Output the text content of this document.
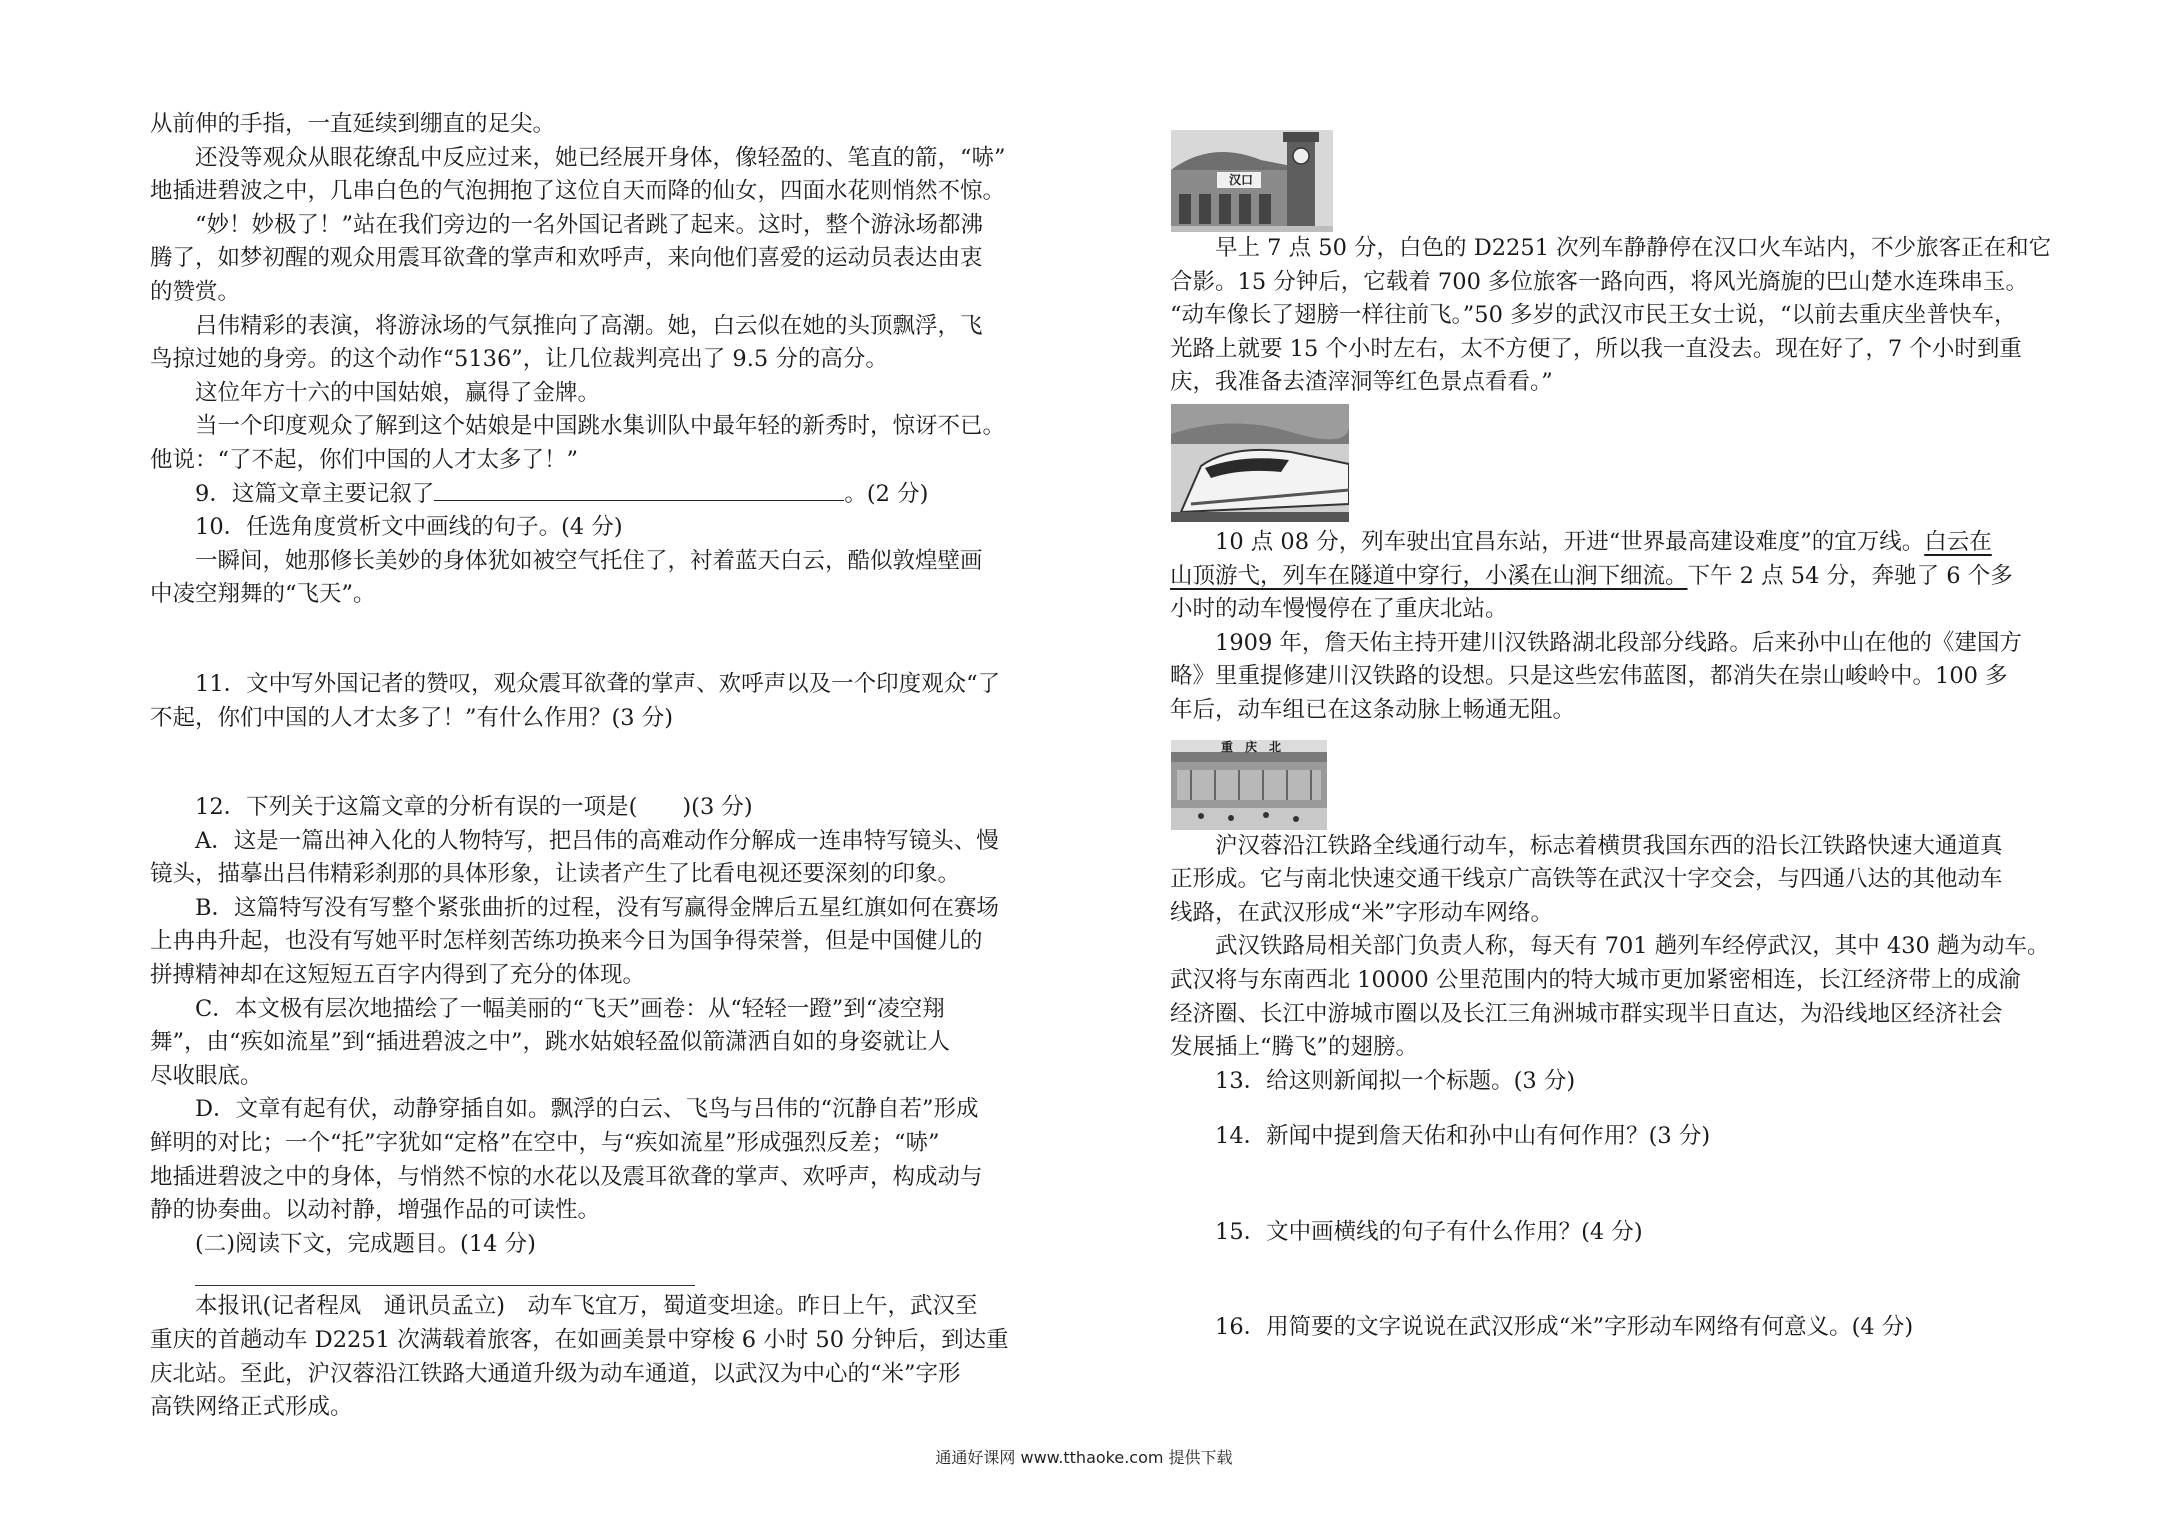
从前伸的手指，一直延续到绷直的足尖。
还没等观众从眼花缭乱中反应过来，她已经展开身体，像轻盈的、笔直的箭，“哧”
地插进碧波之中，几串白色的气泡拥抱了这位自天而降的仙女，四面水花则悄然不惊。
“妙！妙极了！”站在我们旁边的一名外国记者跳了起来。这时，整个游泳场都沸
腾了，如梦初醒的观众用震耳欲聋的掌声和欢呼声，来向他们喜爱的运动员表达由衷
的赞赏。
吕伟精彩的表演，将游泳场的气氛推向了高潮。她，白云似在她的头顶飘浮，飞
鸟掠过她的身旁。的这个动作“5136”，让几位裁判亮出了 9.5 分的高分。
这位年方十六的中国姑娘，赢得了金牌。
当一个印度观众了解到这个姑娘是中国跳水集训队中最年轻的新秀时，惊讶不已。
他说：“了不起，你们中国的人才太多了！”
9．这篇文章主要记叙了	。(2 分)
10．任选角度赏析文中画线的句子。(4 分)
一瞬间，她那修长美妙的身体犹如被空气托住了，衬着蓝天白云，酷似敦煌壁画
中凌空翔舞的“飞天”。
11．文中写外国记者的赞叹，观众震耳欲聋的掌声、欢呼声以及一个印度观众“了
不起，你们中国的人才太多了！”有什么作用？(3 分)
12．下列关于这篇文章的分析有误的一项是(　　)(3 分)
A．这是一篇出神入化的人物特写，把吕伟的高难动作分解成一连串特写镜头、慢
镜头，描摹出吕伟精彩刹那的具体形象，让读者产生了比看电视还要深刻的印象。
B．这篇特写没有写整个紧张曲折的过程，没有写赢得金牌后五星红旗如何在赛场
上冉冉升起，也没有写她平时怎样刻苦练功换来今日为国争得荣誉，但是中国健儿的
拼搏精神却在这短短五百字内得到了充分的体现。
C．本文极有层次地描绘了一幅美丽的“飞天”画卷：从“轻轻一蹬”到“凌空翔
舞”，由“疾如流星”到“插进碧波之中”，跳水姑娘轻盈似箭潇洒自如的身姿就让人
尽收眼底。
D．文章有起有伏，动静穿插自如。飘浮的白云、飞鸟与吕伟的“沉静自若”形成
鲜明的对比；一个“托”字犹如“定格”在空中，与“疾如流星”形成强烈反差；“哧”
地插进碧波之中的身体，与悄然不惊的水花以及震耳欲聋的掌声、欢呼声，构成动与
静的协奏曲。以动衬静，增强作品的可读性。
(二)阅读下文，完成题目。(14 分)
本报讯(记者程凤　通讯员孟立)　动车飞宜万，蜀道变坦途。昨日上午，武汉至
重庆的首趟动车 D2251 次满载着旅客，在如画美景中穿梭 6 小时 50 分钟后，到达重
庆北站。至此，沪汉蓉沿江铁路大通道升级为动车通道，以武汉为中心的“米”字形
高铁网络正式形成。
汉口
早上 7 点 50 分，白色的 D2251 次列车静静停在汉口火车站内，不少旅客正在和它
合影。15 分钟后，它载着 700 多位旅客一路向西，将风光旖旎的巴山楚水连珠串玉。
“动车像长了翅膀一样往前飞。”50 多岁的武汉市民王女士说，“以前去重庆坐普快车，
光路上就要 15 个小时左右，太不方便了，所以我一直没去。现在好了，7 个小时到重
庆，我准备去渣滓洞等红色景点看看。”
10 点 08 分，列车驶出宜昌东站，开进“世界最高建设难度”的宜万线。白云在
山顶游弋，列车在隧道中穿行，小溪在山涧下细流。下午 2 点 54 分，奔驰了 6 个多
小时的动车慢慢停在了重庆北站。
1909 年，詹天佑主持开建川汉铁路湖北段部分线路。后来孙中山在他的《建国方
略》里重提修建川汉铁路的设想。只是这些宏伟蓝图，都消失在崇山峻岭中。100 多
年后，动车组已在这条动脉上畅通无阻。
重　庆　北
沪汉蓉沿江铁路全线通行动车，标志着横贯我国东西的沿长江铁路快速大通道真
正形成。它与南北快速交通干线京广高铁等在武汉十字交会，与四通八达的其他动车
线路，在武汉形成“米”字形动车网络。
武汉铁路局相关部门负责人称，每天有 701 趟列车经停武汉，其中 430 趟为动车。
武汉将与东南西北 10000 公里范围内的特大城市更加紧密相连，长江经济带上的成渝
经济圈、长江中游城市圈以及长江三角洲城市群实现半日直达，为沿线地区经济社会
发展插上“腾飞”的翅膀。
13．给这则新闻拟一个标题。(3 分)
14．新闻中提到詹天佑和孙中山有何作用？(3 分)
15．文中画横线的句子有什么作用？(4 分)
16．用简要的文字说说在武汉形成“米”字形动车网络有何意义。(4 分)
通通好课网 www.tthaoke.com 提供下载
